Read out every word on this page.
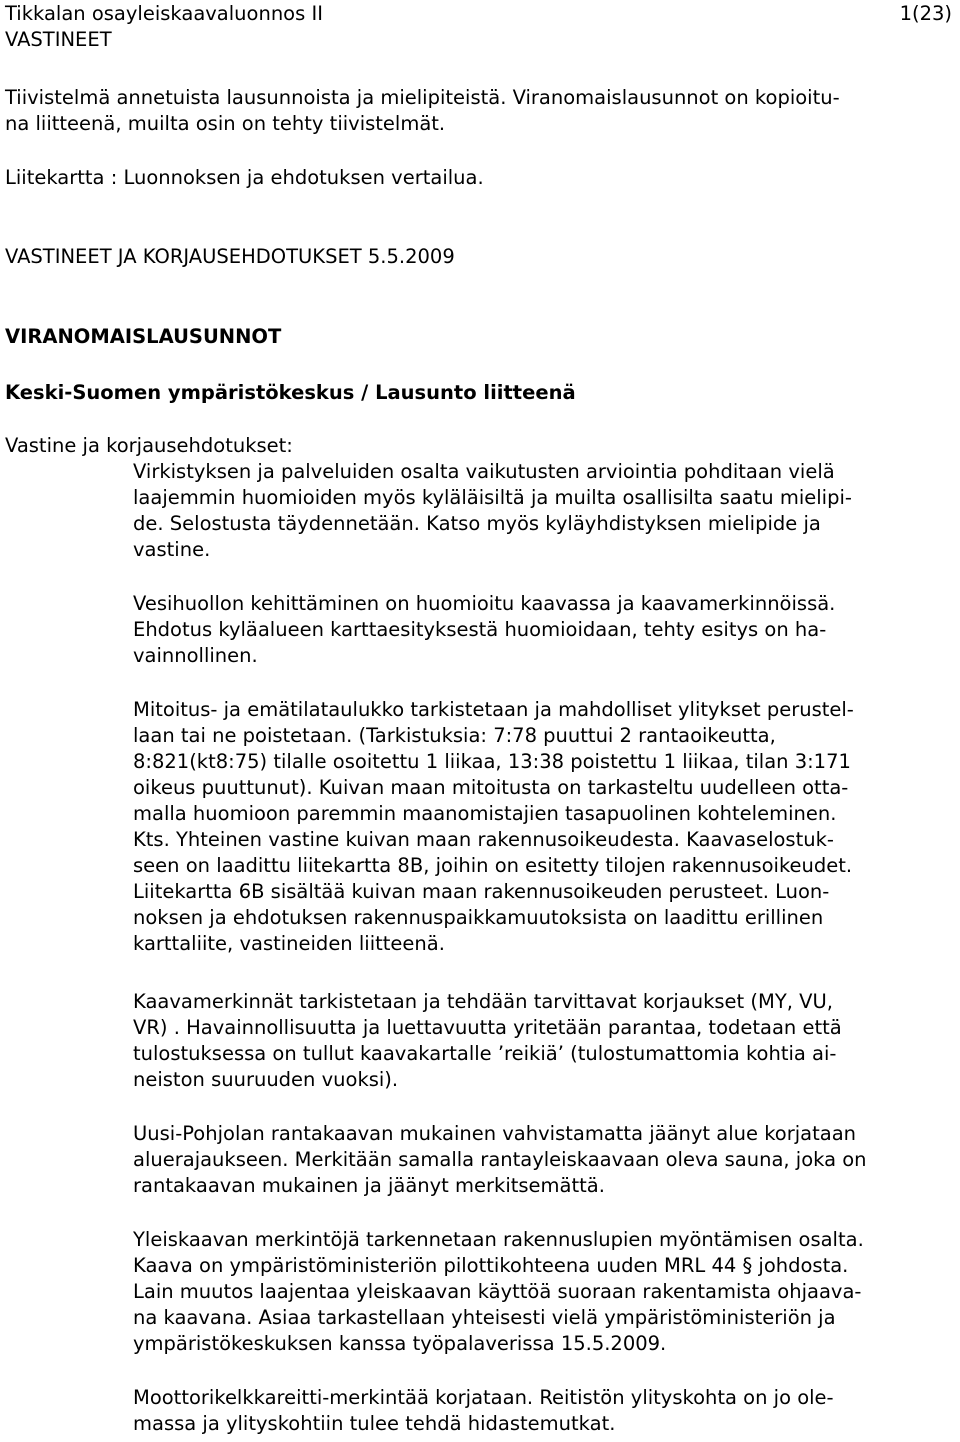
Tikkalan osayleiskaavaluonnos II
VASTINEET
1(23)
Tiivistelmä annetuista lausunnoista ja mielipiteistä. Viranomaislausunnot on kopioitu-
na liitteenä, muilta osin on tehty tiivistelmät.
Liitekartta : Luonnoksen ja ehdotuksen vertailua.
VASTINEET JA KORJAUSEHDOTUKSET 5.5.2009
VIRANOMAISLAUSUNNOT
Keski-Suomen ympäristökeskus / Lausunto liitteenä
Vastine ja korjausehdotukset:
Virkistyksen ja palveluiden osalta vaikutusten arviointia pohditaan vielä
laajemmin huomioiden myös kyläläisiltä ja muilta osallisilta saatu mielipi-
de. Selostusta täydennetään. Katso myös kyläyhdistyksen mielipide ja
vastine.
Vesihuollon kehittäminen on huomioitu kaavassa ja kaavamerkinnöissä.
Ehdotus kyläalueen karttaesityksestä huomioidaan, tehty esitys on ha-
vainnollinen.
Mitoitus- ja emätilataulukko tarkistetaan ja mahdolliset ylitykset perustel-
laan tai ne poistetaan. (Tarkistuksia: 7:78 puuttui 2 rantaoikeutta,
8:821(kt8:75) tilalle osoitettu 1 liikaa, 13:38 poistettu 1 liikaa, tilan 3:171
oikeus puuttunut). Kuivan maan mitoitusta on tarkasteltu uudelleen otta-
malla huomioon paremmin maanomistajien tasapuolinen kohteleminen.
Kts. Yhteinen vastine kuivan maan rakennusoikeudesta. Kaavaselostuk-
seen on laadittu liitekartta 8B, joihin on esitetty tilojen rakennusoikeudet.
Liitekartta 6B sisältää kuivan maan rakennusoikeuden perusteet. Luon-
noksen ja ehdotuksen rakennuspaikkamuutoksista on laadittu erillinen
karttaliite, vastineiden liitteenä.
Kaavamerkinnät tarkistetaan ja tehdään tarvittavat korjaukset (MY, VU,
VR) . Havainnollisuutta ja luettavuutta yritetään parantaa, todetaan että
tulostuksessa on tullut kaavakartalle ’reikiä’ (tulostumattomia kohtia ai-
neiston suuruuden vuoksi).
Uusi-Pohjolan rantakaavan mukainen vahvistamatta jäänyt alue korjataan
aluerajaukseen. Merkitään samalla rantayleiskaavaan oleva sauna, joka on
rantakaavan mukainen ja jäänyt merkitsemättä.
Yleiskaavan merkintöjä tarkennetaan rakennuslupien myöntämisen osalta.
Kaava on ympäristöministeriön pilottikohteena uuden MRL 44 § johdosta.
Lain muutos laajentaa yleiskaavan käyttöä suoraan rakentamista ohjaava-
na kaavana. Asiaa tarkastellaan yhteisesti vielä ympäristöministeriön ja
ympäristökeskuksen kanssa työpalaverissa 15.5.2009.
Moottorikelkkareitti-merkintää korjataan. Reitistön ylityskohta on jo ole-
massa ja ylityskohtiin tulee tehdä hidastemutkat.
